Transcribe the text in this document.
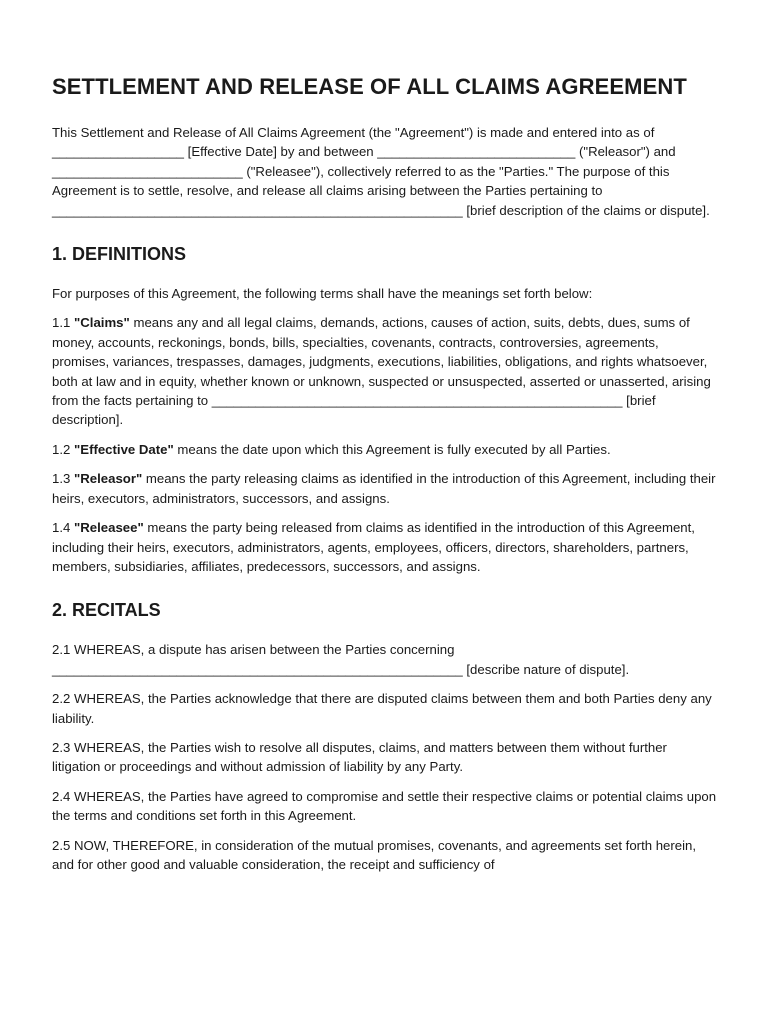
SETTLEMENT AND RELEASE OF ALL CLAIMS AGREEMENT

This Settlement and Release of All Claims Agreement (the "Agreement") is made and entered into as of __________________ [Effective Date] by and between ___________________________ ("Releasor") and __________________________ ("Releasee"), collectively referred to as the "Parties." The purpose of this Agreement is to settle, resolve, and release all claims arising between the Parties pertaining to ________________________________________________________ [brief description of the claims or dispute].

1. DEFINITIONS

For purposes of this Agreement, the following terms shall have the meanings set forth below:

1.1 "Claims" means any and all legal claims, demands, actions, causes of action, suits, debts, dues, sums of money, accounts, reckonings, bonds, bills, specialties, covenants, contracts, controversies, agreements, promises, variances, trespasses, damages, judgments, executions, liabilities, obligations, and rights whatsoever, both at law and in equity, whether known or unknown, suspected or unsuspected, asserted or unasserted, arising from the facts pertaining to ________________________________________________________ [brief description].

1.2 "Effective Date" means the date upon which this Agreement is fully executed by all Parties.

1.3 "Releasor" means the party releasing claims as identified in the introduction of this Agreement, including their heirs, executors, administrators, successors, and assigns.

1.4 "Releasee" means the party being released from claims as identified in the introduction of this Agreement, including their heirs, executors, administrators, agents, employees, officers, directors, shareholders, partners, members, subsidiaries, affiliates, predecessors, successors, and assigns.

2. RECITALS

2.1 WHEREAS, a dispute has arisen between the Parties concerning ________________________________________________________ [describe nature of dispute].

2.2 WHEREAS, the Parties acknowledge that there are disputed claims between them and both Parties deny any liability.

2.3 WHEREAS, the Parties wish to resolve all disputes, claims, and matters between them without further litigation or proceedings and without admission of liability by any Party.

2.4 WHEREAS, the Parties have agreed to compromise and settle their respective claims or potential claims upon the terms and conditions set forth in this Agreement.

2.5 NOW, THEREFORE, in consideration of the mutual promises, covenants, and agreements set forth herein, and for other good and valuable consideration, the receipt and sufficiency of
